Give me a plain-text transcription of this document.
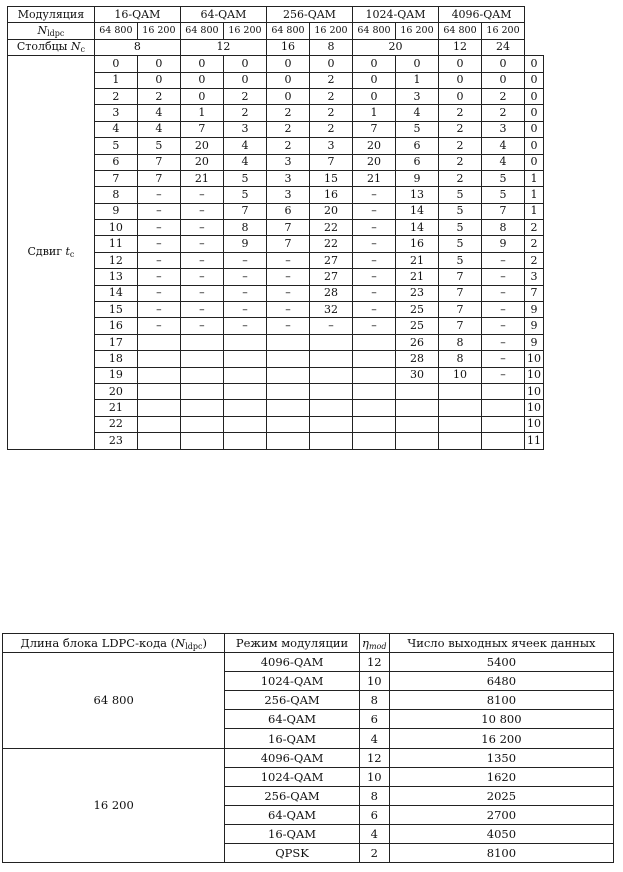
Модуляция	16-QAM		64-QAM		256-QAM		1024-QAM		4096-QAM		
$N_{ldpc}$	64 800	16 200	64 800	16 200	64 800	16 200	64 800	16 200	64 800	16 200	
Столбцы $N_c$	8		12		16	8	20		12	24	
Сдвиг $t_c$	0	0	0	0	0	0	0	0	0	0	0
	1	0	0	0	0	2	0	1	0	0	0
	2	2	0	2	0	2	0	3	0	2	0
	3	4	1	2	2	2	1	4	2	2	0
	4	4	7	3	2	2	7	5	2	3	0
	5	5	20	4	2	3	20	6	2	4	0
	6	7	20	4	3	7	20	6	2	4	0
	7	7	21	5	3	15	21	9	2	5	1
	8	–	–	5	3	16	–	13	5	5	1
	9	–	–	7	6	20	–	14	5	7	1
	10	–	–	8	7	22	–	14	5	8	2
	11	–	–	9	7	22	–	16	5	9	2
	12	–	–	–	–	27	–	21	5	–	2
	13	–	–	–	–	27	–	21	7	–	3
	14	–	–	–	–	28	–	23	7	–	7
	15	–	–	–	–	32	–	25	7	–	9
	16	–	–	–	–	–	–	25	7	–	9
	17							26	8	–	9
	18							28	8	–	10
	19							30	10	–	10
	20										10
	21										10
	22										10
	23										11
Длина блока LDPC-кода $(N_{ldpc})$	Режим модуляции	$\eta_{mod}$	Число выходных ячеек данных
64 800	4096-QAM	12	5400
	1024-QAM	10	6480
	256-QAM	8	8100
	64-QAM	6	10 800
	16-QAM	4	16 200
16 200	4096-QAM	12	1350
	1024-QAM	10	1620
	256-QAM	8	2025
	64-QAM	6	2700
	16-QAM	4	4050
	QPSK	2	8100
